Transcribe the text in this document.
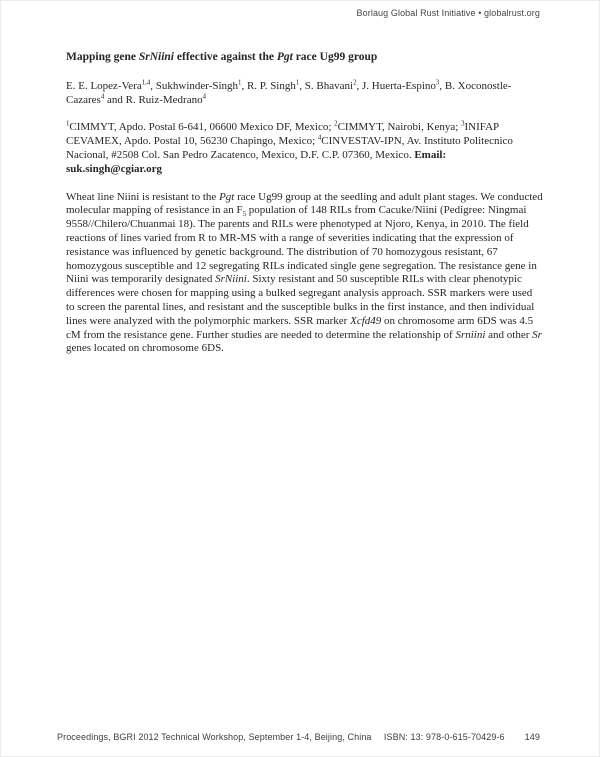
Borlaug Global Rust Initiative • globalrust.org
Mapping gene SrNiini effective against the Pgt race Ug99 group

E. E. Lopez-Vera$^{1,4}$, Sukhwinder-Singh$^1$, R. P. Singh$^1$, S. Bhavani$^2$, J. Huerta-Espino$^3$, B. Xoconostle-Cazares$^4$ and R. Ruiz-Medrano$^4$

$^1$CIMMYT, Apdo. Postal 6-641, 06600 Mexico DF, Mexico; $^2$CIMMYT, Nairobi, Kenya; $^3$INIFAP CEVAMEX, Apdo. Postal 10, 56230 Chapingo, Mexico; $^4$CINVESTAV-IPN, Av. Instituto Politecnico Nacional, #2508 Col. San Pedro Zacatenco, Mexico, D.F. C.P. 07360, Mexico. Email: suk.singh@cgiar.org

Wheat line Niini is resistant to the Pgt race Ug99 group at the seedling and adult plant stages. We conducted molecular mapping of resistance in an $F_5$ population of 148 RILs from Cacuke/Niini (Pedigree: Ningmai 9558//Chilero/Chuanmai 18). The parents and RILs were phenotyped at Njoro, Kenya, in 2010. The field reactions of lines varied from R to MR-MS with a range of severities indicating that the expression of resistance was influenced by genetic background. The distribution of 70 homozygous resistant, 67 homozygous susceptible and 12 segregating RILs indicated single gene segregation. The resistance gene in Niini was temporarily designated SrNiini. Sixty resistant and 50 susceptible RILs with clear phenotypic differences were chosen for mapping using a bulked segregant analysis approach. SSR markers were used to screen the parental lines, and resistant and the susceptible bulks in the first instance, and then individual lines were analyzed with the polymorphic markers. SSR marker Xcfd49 on chromosome arm 6DS was 4.5 cM from the resistance gene. Further studies are needed to determine the relationship of Srniini and other Sr genes located on chromosome 6DS.

Proceedings, BGRI 2012 Technical Workshop, September 1-4, Beijing, China	ISBN: 13: 978-0-615-70429-6 149
